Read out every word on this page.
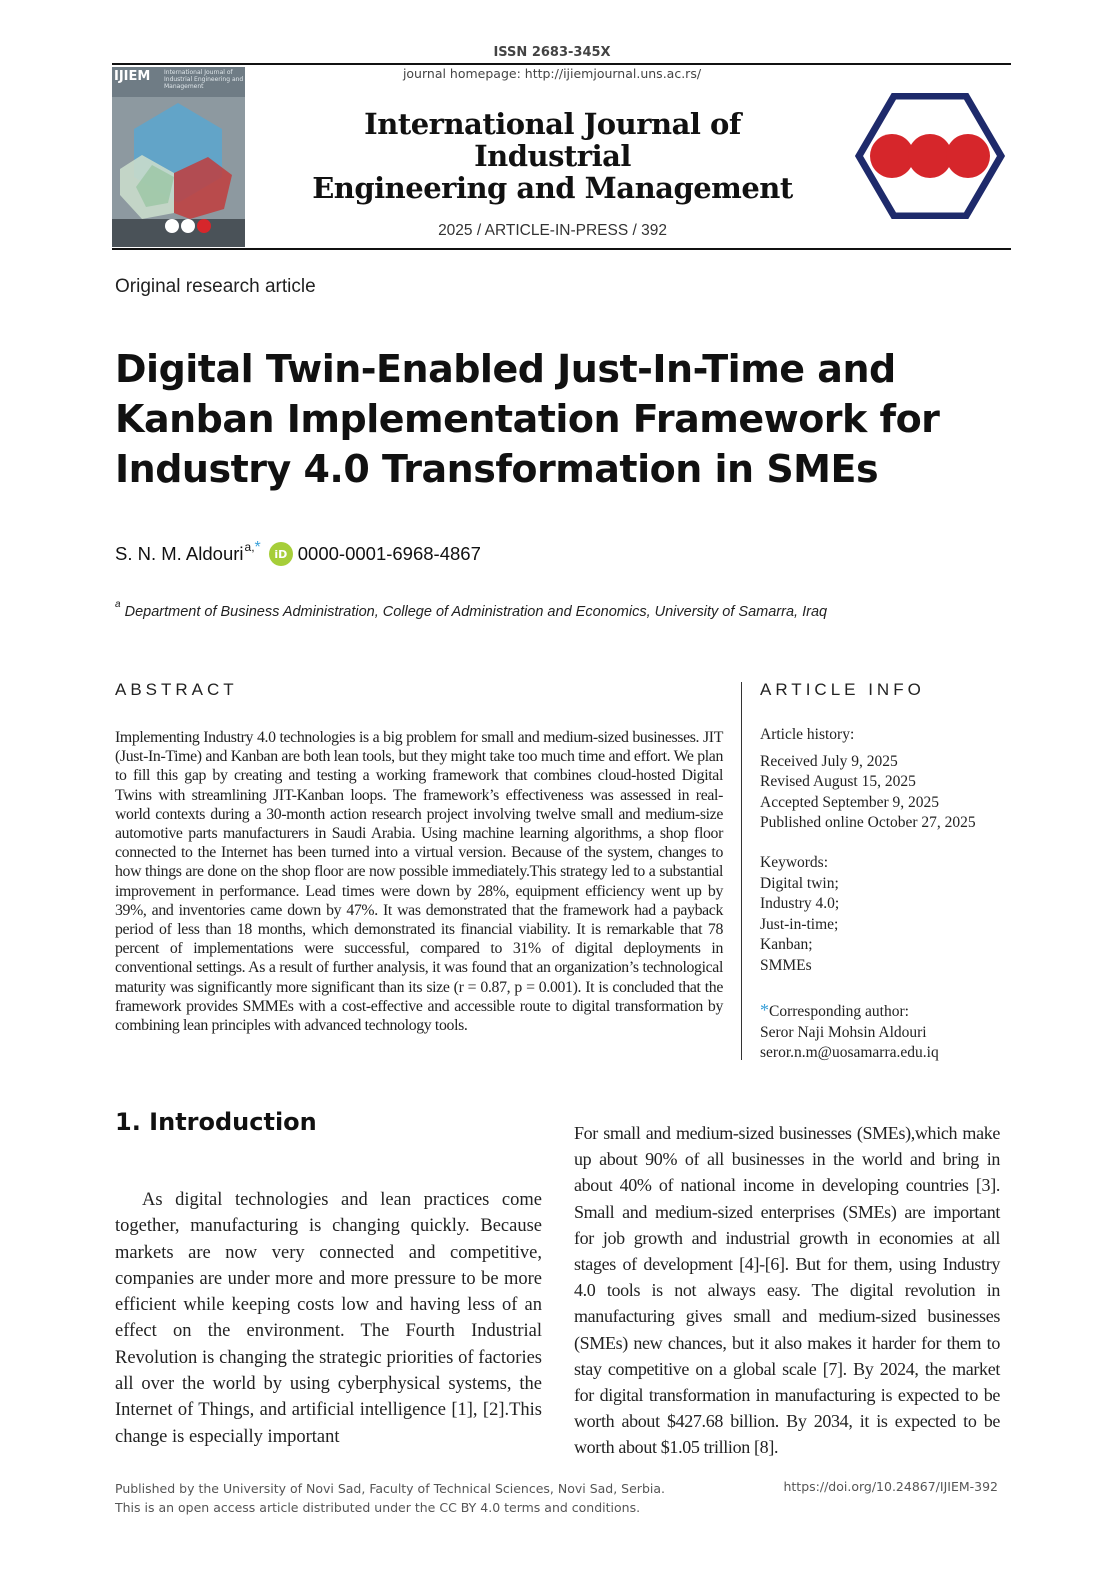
ISSN 2683-345X
journal homepage: http://ijiemjournal.uns.ac.rs/
IJIEM International Journal of Industrial Engineering and Management
International Journal of Industrial
Engineering and Management
2025 / ARTICLE-IN-PRESS / 392
Original research article
Digital Twin-Enabled Just-In-Time and Kanban Implementation Framework for Industry 4.0 Transformation in SMEs
S. N. M. Aldouri$^{a,}$ *	iD 0000-0001-6968-4867
$^a$ Department of Business Administration, College of Administration and Economics, University of Samarra, Iraq
ABSTRACT	ARTICLE INFO
Implementing Industry 4.0 technologies is a big problem for small and medium-sized businesses. JIT (Just-In-Time) and Kanban are both lean tools, but they might take too much time and effort. We plan to fill this gap by creating and testing a working framework that combines cloud-hosted Digital Twins with streamlining JIT-Kanban loops. The framework’s effectiveness was assessed in real-world contexts during a 30-month action research project involving twelve small and medium-size automotive parts manufacturers in Saudi Arabia. Using machine learning algorithms, a shop floor connected to the Internet has been turned into a virtual version. Because of the system, changes to how things are done on the shop floor are now possible immediately.This strategy led to a substantial improvement in performance. Lead times were down by 28%, equipment efficiency went up by 39%, and inventories came down by 47%. It was demonstrated that the framework had a payback period of less than 18 months, which demonstrated its financial viability. It is remarkable that 78 percent of implementations were successful, compared to 31% of digital deployments in conventional settings. As a result of further analysis, it was found that an organization’s technological maturity was significantly more significant than its size (r = 0.87, p = 0.001). It is concluded that the framework provides SMMEs with a cost-effective and accessible route to digital transformation by combining lean principles with advanced technology tools.
Article history:
Received July 9, 2025
Revised August 15, 2025
Accepted September 9, 2025
Published online October 27, 2025
Keywords:
Digital twin;
Industry 4.0;
Just-in-time;
Kanban;
SMMEs
*Corresponding author:
Seror Naji Mohsin Aldouri
seror.n.m@uosamarra.edu.iq
1. Introduction
As digital technologies and lean practices come together, manufacturing is changing quickly. Because markets are now very connected and competitive, companies are under more and more pressure to be more efficient while keeping costs low and having less of an effect on the environment. The Fourth Industrial Revolution is changing the strategic priorities of factories all over the world by using cyberphysical systems, the Internet of Things, and artificial intelligence [1], [2].This change is especially important
For small and medium-sized businesses (SMEs),which make up about 90% of all businesses in the world and bring in about 40% of national income in developing countries [3]. Small and medium-sized enterprises (SMEs) are important for job growth and industrial growth in economies at all stages of development [4]-[6]. But for them, using Industry 4.0 tools is not always easy. The digital revolution in manufacturing gives small and medium-sized businesses (SMEs) new chances, but it also makes it harder for them to stay competitive on a global scale [7]. By 2024, the market for digital transformation in manufacturing is expected to be worth about $427.68 billion. By 2034, it is expected to be worth about $1.05 trillion [8].
Published by the University of Novi Sad, Faculty of Technical Sciences, Novi Sad, Serbia.
This is an open access article distributed under the CC BY 4.0 terms and conditions.
https://doi.org/10.24867/IJIEM-392
